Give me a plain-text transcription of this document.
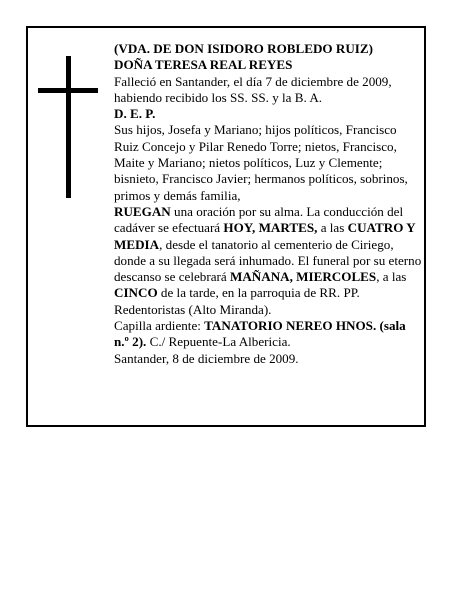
(VDA. DE DON ISIDORO ROBLEDO RUIZ)

DOÑA TERESA REAL REYES

Falleció en Santander, el día 7 de diciembre de 2009, habiendo recibido los SS. SS. y la B. A.

D. E. P.

Sus hijos, Josefa y Mariano; hijos políticos, Francisco Ruiz Concejo y Pilar Renedo Torre; nietos, Francisco, Maite y Mariano; nietos políticos, Luz y Clemente; bisnieto, Francisco Javier; hermanos políticos, sobrinos, primos y demás familia,

RUEGAN una oración por su alma. La conducción del cadáver se efectuará HOY, MARTES, a las CUATRO Y MEDIA, desde el tanatorio al cementerio de Ciriego, donde a su llegada será inhumado. El funeral por su eterno descanso se celebrará MAÑANA, MIERCOLES, a las CINCO de la tarde, en la parroquia de RR. PP. Redentoristas (Alto Miranda).

Capilla ardiente: TANATORIO NEREO HNOS. (sala n.º 2). C./ Repuente-La Albericia.

Santander, 8 de diciembre de 2009.
